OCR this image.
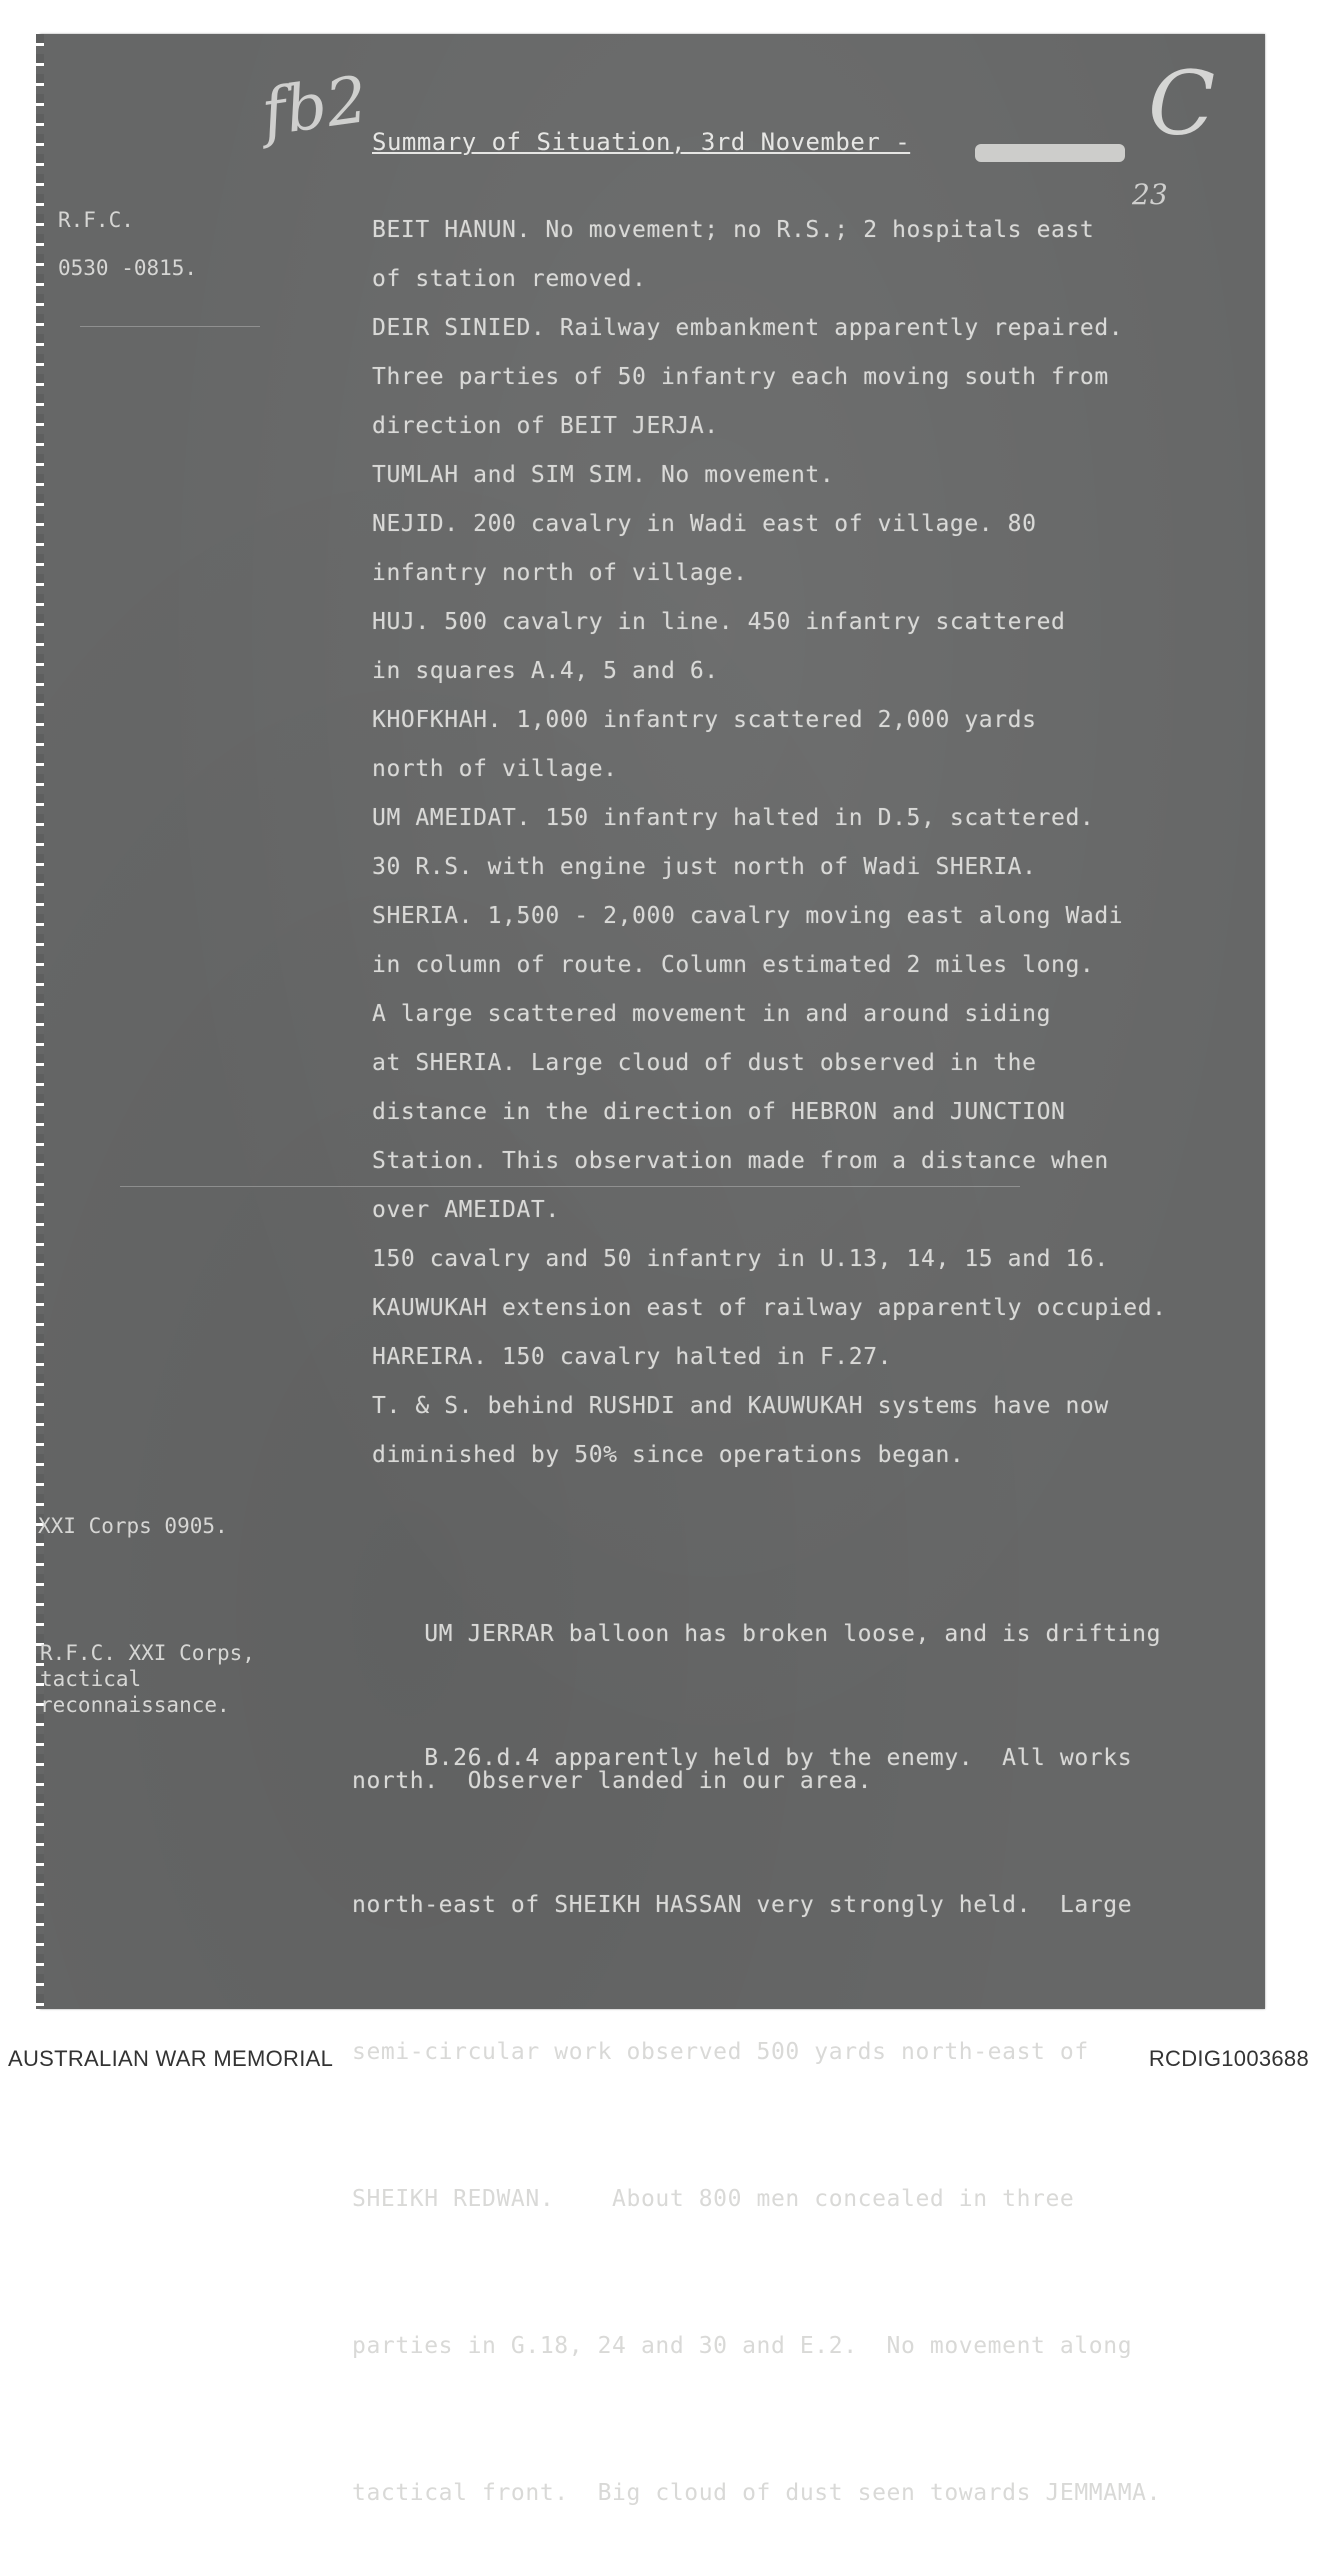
fb2	C
23
Summary of Situation, 3rd November -
R.F.C.
0530 -0815.
XXI Corps 0905.
R.F.C. XXI Corps,
tactical
reconnaissance.
BEIT HANUN. No movement; no R.S.; 2 hospitals east
of station removed.
DEIR SINIED. Railway embankment apparently repaired.
Three parties of 50 infantry each moving south from
direction of BEIT JERJA.
TUMLAH and SIM SIM. No movement.
NEJID. 200 cavalry in Wadi east of village. 80
infantry north of village.
HUJ. 500 cavalry in line. 450 infantry scattered
in squares A.4, 5 and 6.
KHOFKHAH. 1,000 infantry scattered 2,000 yards
north of village.
UM AMEIDAT. 150 infantry halted in D.5, scattered.
30 R.S. with engine just north of Wadi SHERIA.
SHERIA. 1,500 - 2,000 cavalry moving east along Wadi
in column of route. Column estimated 2 miles long.
A large scattered movement in and around siding
at SHERIA. Large cloud of dust observed in the
distance in the direction of HEBRON and JUNCTION
Station. This observation made from a distance when
over AMEIDAT.
150 cavalry and 50 infantry in U.13, 14, 15 and 16.
KAUWUKAH extension east of railway apparently occupied.
HAREIRA. 150 cavalry halted in F.27.
T. & S. behind RUSHDI and KAUWUKAH systems have now
diminished by 50% since operations began.

UM JERRAR balloon has broken loose, and is drifting

north.  Observer landed in our area.

B.26.d.4 apparently held by the enemy.  All works

north-east of SHEIKH HASSAN very strongly held.  Large

semi-circular work observed 500 yards north-east of

SHEIKH REDWAN.    About 800 men concealed in three

parties in G.18, 24 and 30 and E.2.  No movement along

tactical front.  Big cloud of dust seen towards JEMMAMA.

AUSTRALIAN WAR MEMORIAL	RCDIG1003688
